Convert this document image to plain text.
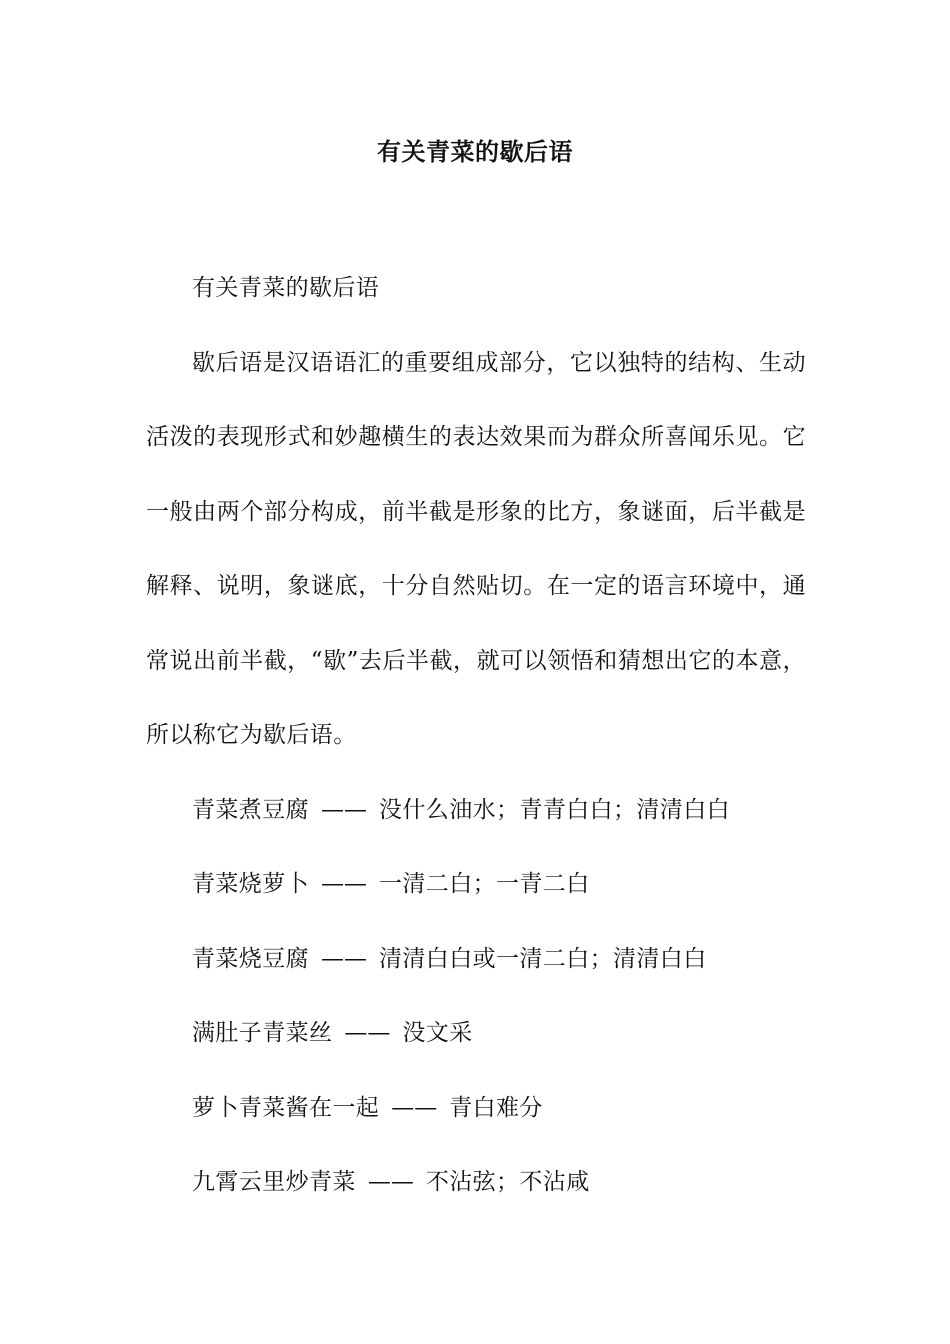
有关青菜的歇后语

有关青菜的歇后语

歇后语是汉语语汇的重要组成部分，它以独特的结构、生动活泼的表现形式和妙趣横生的表达效果而为群众所喜闻乐见。它一般由两个部分构成，前半截是形象的比方，象谜面，后半截是解释、说明，象谜底，十分自然贴切。在一定的语言环境中，通常说出前半截，“歇”去后半截，就可以领悟和猜想出它的本意，所以称它为歇后语。

青菜煮豆腐 —— 没什么油水；青青白白；清清白白

青菜烧萝卜 —— 一清二白；一青二白

青菜烧豆腐 —— 清清白白或一清二白；清清白白

满肚子青菜丝 —— 没文采

萝卜青菜酱在一起 —— 青白难分

九霄云里炒青菜 —— 不沾弦；不沾咸
